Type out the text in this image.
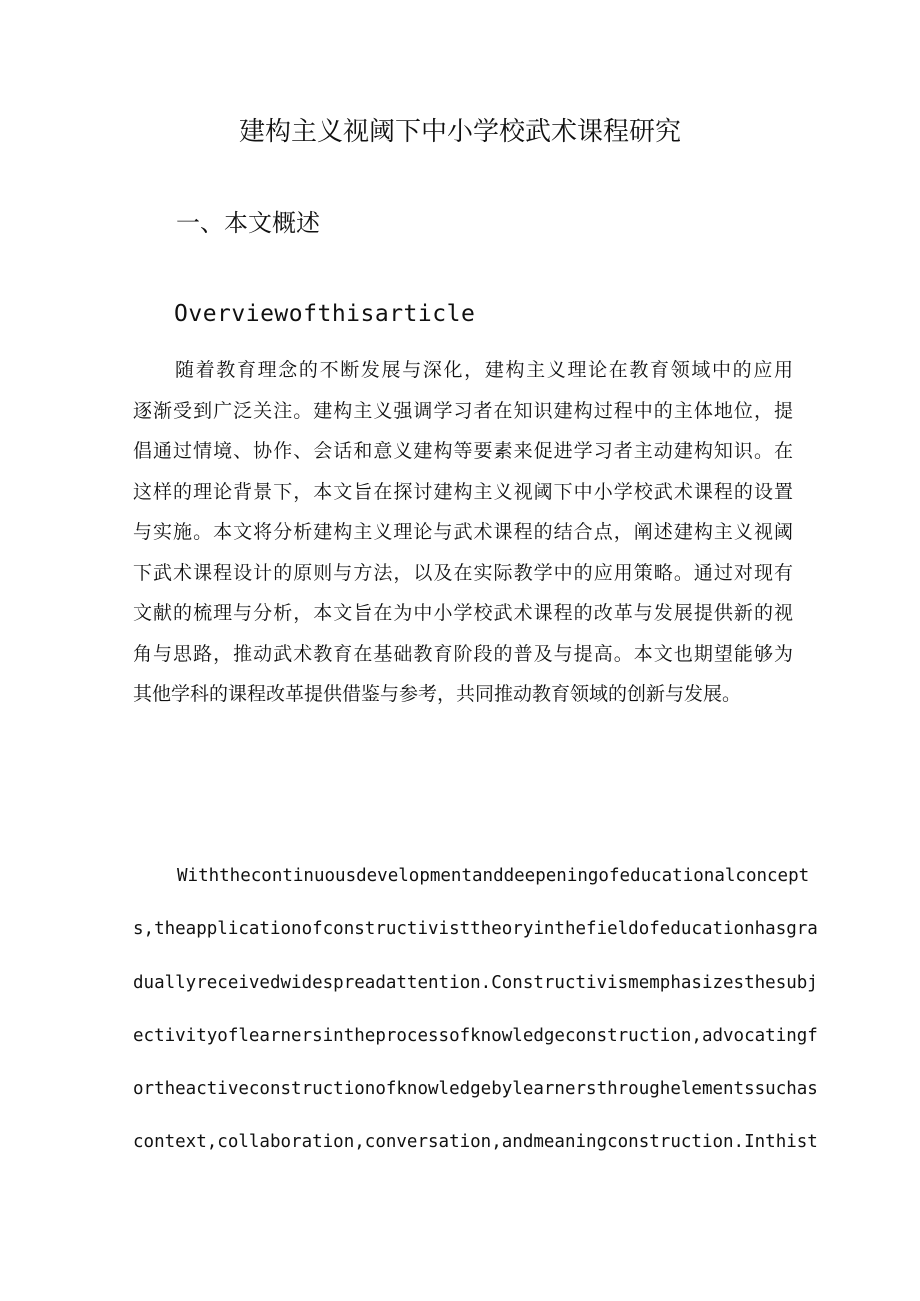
建构主义视阈下中小学校武术课程研究
一、本文概述
Overviewofthisarticle
随着教育理念的不断发展与深化，建构主义理论在教育领域中的应用
逐渐受到广泛关注。建构主义强调学习者在知识建构过程中的主体地位，提
倡通过情境、协作、会话和意义建构等要素来促进学习者主动建构知识。在
这样的理论背景下，本文旨在探讨建构主义视阈下中小学校武术课程的设置
与实施。本文将分析建构主义理论与武术课程的结合点，阐述建构主义视阈
下武术课程设计的原则与方法，以及在实际教学中的应用策略。通过对现有
文献的梳理与分析，本文旨在为中小学校武术课程的改革与发展提供新的视
角与思路，推动武术教育在基础教育阶段的普及与提高。本文也期望能够为
其他学科的课程改革提供借鉴与参考，共同推动教育领域的创新与发展。
Withthecontinuousdevelopmentanddeepeningofeducationalconcept
s,theapplicationofconstructivisttheoryinthefieldofeducationhasgra
duallyreceivedwidespreadattention.Constructivismemphasizesthesubj
ectivityoflearnersintheprocessofknowledgeconstruction,advocatingf
ortheactiveconstructionofknowledgebylearnersthroughelementssuchas
context,collaboration,conversation,andmeaningconstruction.Inthist
